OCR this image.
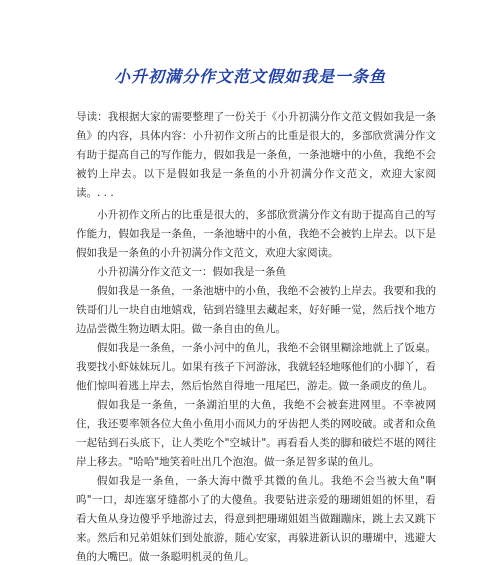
小升初满分作文范文假如我是一条鱼

导读：我根据大家的需要整理了一份关于《小升初满分作文范文假如我是一条鱼》的内容，具体内容：小升初作文所占的比重是很大的，多部欣赏满分作文有助于提高自己的写作能力，假如我是一条鱼，一条池塘中的小鱼，我绝不会被钓上岸去。以下是假如我是一条鱼的小升初满分作文范文，欢迎大家阅读。. . .

小升初作文所占的比重是很大的，多部欣赏满分作文有助于提高自己的写作能力，假如我是一条鱼，一条池塘中的小鱼，我绝不会被钓上岸去。以下是假如我是一条鱼的小升初满分作文范文，欢迎大家阅读。

小升初满分作文范文一：假如我是一条鱼

假如我是一条鱼，一条池塘中的小鱼，我绝不会被钓上岸去。我要和我的铁哥们儿一块自由地嬉戏，钻到岩缝里去藏起来，好好睡一觉，然后找个地方边品尝微生物边晒太阳。做一条自由的鱼儿。

假如我是一条鱼，一条小河中的鱼儿，我绝不会钢里糊涂地就上了饭桌。我要找小虾妹妹玩儿。如果有孩子下河游泳，我就轻轻地啄他们的小脚丫，看他们惊叫着逃上岸去，然后怡然自得地一甩尾巴，游走。做一条顽皮的鱼儿。

假如我是一条鱼，一条湖泊里的大鱼，我绝不会被套进网里。不幸被网住，我还要率领各位大鱼小鱼用小而风力的牙齿把人类的网咬破。或者和众鱼一起钻到石头底下，让人类吃个"空城计"。再看看人类的脚和破烂不堪的网往岸上移去。"哈哈"地笑着吐出几个泡泡。做一条足智多谋的鱼儿。

假如我是一条鱼，一条大海中微乎其微的鱼儿。我绝不会当被大鱼"啊呜"一口，却连塞牙缝都小了的大傻鱼。我要钻进亲爱的珊瑚姐姐的怀里，看看大鱼从身边傻乎乎地游过去，得意到把珊瑚姐姐当做蹦蹦床，跳上去又跳下来。然后和兄弟姐妹们到处旅游，随心安家，再躲进新认识的珊瑚中，逃避大鱼的大嘴巴。做一条聪明机灵的鱼儿。
